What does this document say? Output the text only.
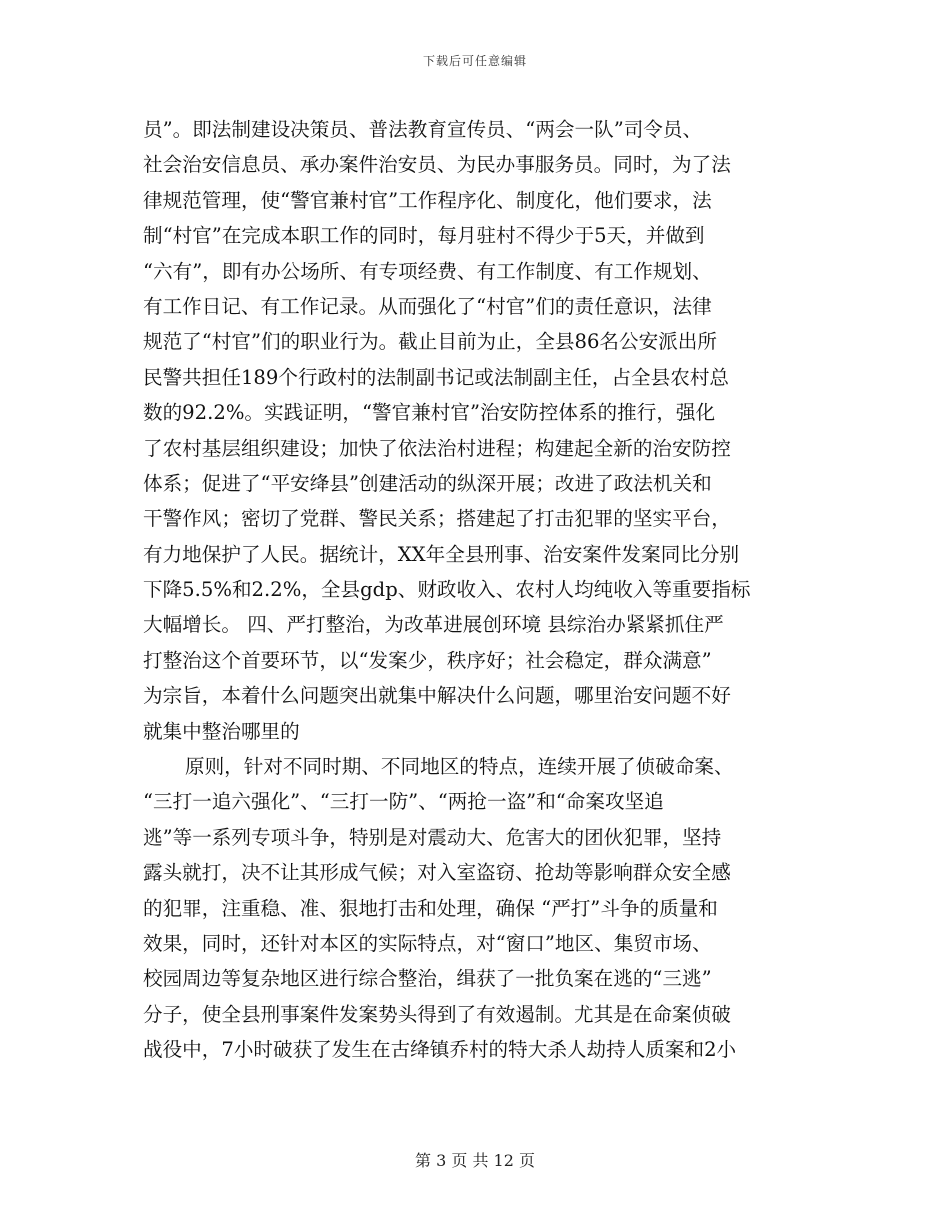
下载后可任意编辑
员”。即法制建设决策员、普法教育宣传员、“两会一队”司令员、
社会治安信息员、承办案件治安员、为民办事服务员。同时，为了法
律规范管理，使“警官兼村官”工作程序化、制度化，他们要求，法
制“村官”在完成本职工作的同时，每月驻村不得少于5天，并做到
“六有”，即有办公场所、有专项经费、有工作制度、有工作规划、
有工作日记、有工作记录。从而强化了“村官”们的责任意识，法律
规范了“村官”们的职业行为。截止目前为止，全县86名公安派出所
民警共担任189个行政村的法制副书记或法制副主任，占全县农村总
数的92.2%。实践证明，“警官兼村官”治安防控体系的推行，强化
了农村基层组织建设；加快了依法治村进程；构建起全新的治安防控
体系；促进了“平安绛县”创建活动的纵深开展；改进了政法机关和
干警作风；密切了党群、警民关系；搭建起了打击犯罪的坚实平台，
有力地保护了人民。据统计，XX年全县刑事、治安案件发案同比分别
下降5.5%和2.2%，全县gdp、财政收入、农村人均纯收入等重要指标
大幅增长。 四、严打整治，为改革进展创环境 县综治办紧紧抓住严
打整治这个首要环节，以“发案少，秩序好；社会稳定，群众满意”
为宗旨，本着什么问题突出就集中解决什么问题，哪里治安问题不好
就集中整治哪里的
原则，针对不同时期、不同地区的特点，连续开展了侦破命案、
“三打一追六强化”、“三打一防”、“两抢一盗”和“命案攻坚追
逃”等一系列专项斗争，特别是对震动大、危害大的团伙犯罪，坚持
露头就打，决不让其形成气候；对入室盗窃、抢劫等影响群众安全感
的犯罪，注重稳、准、狠地打击和处理，确保 “严打”斗争的质量和
效果，同时，还针对本区的实际特点，对“窗口”地区、集贸市场、
校园周边等复杂地区进行综合整治，缉获了一批负案在逃的“三逃”
分子，使全县刑事案件发案势头得到了有效遏制。尤其是在命案侦破
战役中，7小时破获了发生在古绛镇乔村的特大杀人劫持人质案和2小
第 3 页 共 12 页
